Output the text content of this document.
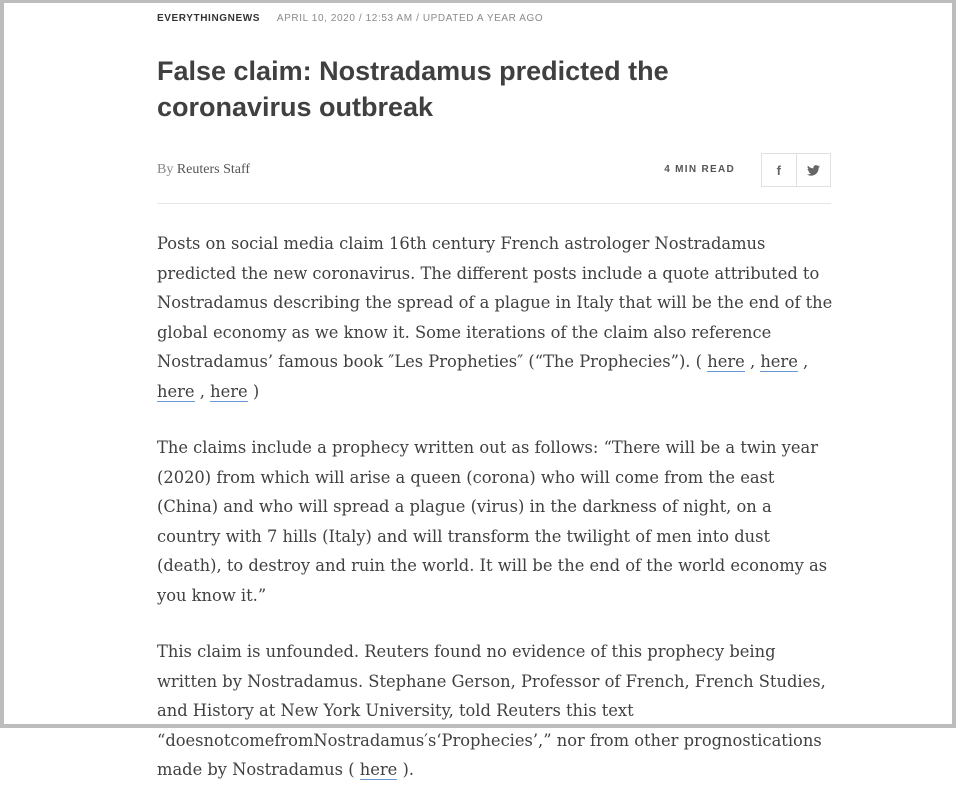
EVERYTHINGNEWS APRIL 10, 2020 / 12:53 AM / UPDATED A YEAR AGO
False claim: Nostradamus predicted the coronavirus outbreak
By Reuters Staff	4 MIN READ	f

Posts on social media claim 16th century French astrologer Nostradamus predicted the new coronavirus. The different posts include a quote attributed to Nostradamus describing the spread of a plague in Italy that will be the end of the global economy as we know it. Some iterations of the claim also reference Nostradamus’ famous book ″Les Propheties″ (“The Prophecies”). ( here , here , here , here )

The claims include a prophecy written out as follows: “There will be a twin year (2020) from which will arise a queen (corona) who will come from the east (China) and who will spread a plague (virus) in the darkness of night, on a country with 7 hills (Italy) and will transform the twilight of men into dust (death), to destroy and ruin the world. It will be the end of the world economy as you know it.”

This claim is unfounded. Reuters found no evidence of this prophecy being written by Nostradamus. Stephane Gerson, Professor of French, French Studies, and History at New York University, told Reuters this text “doesnotcomefromNostradamus′s‘Prophecies’,” nor from other prognostications made by Nostradamus ( here ).
